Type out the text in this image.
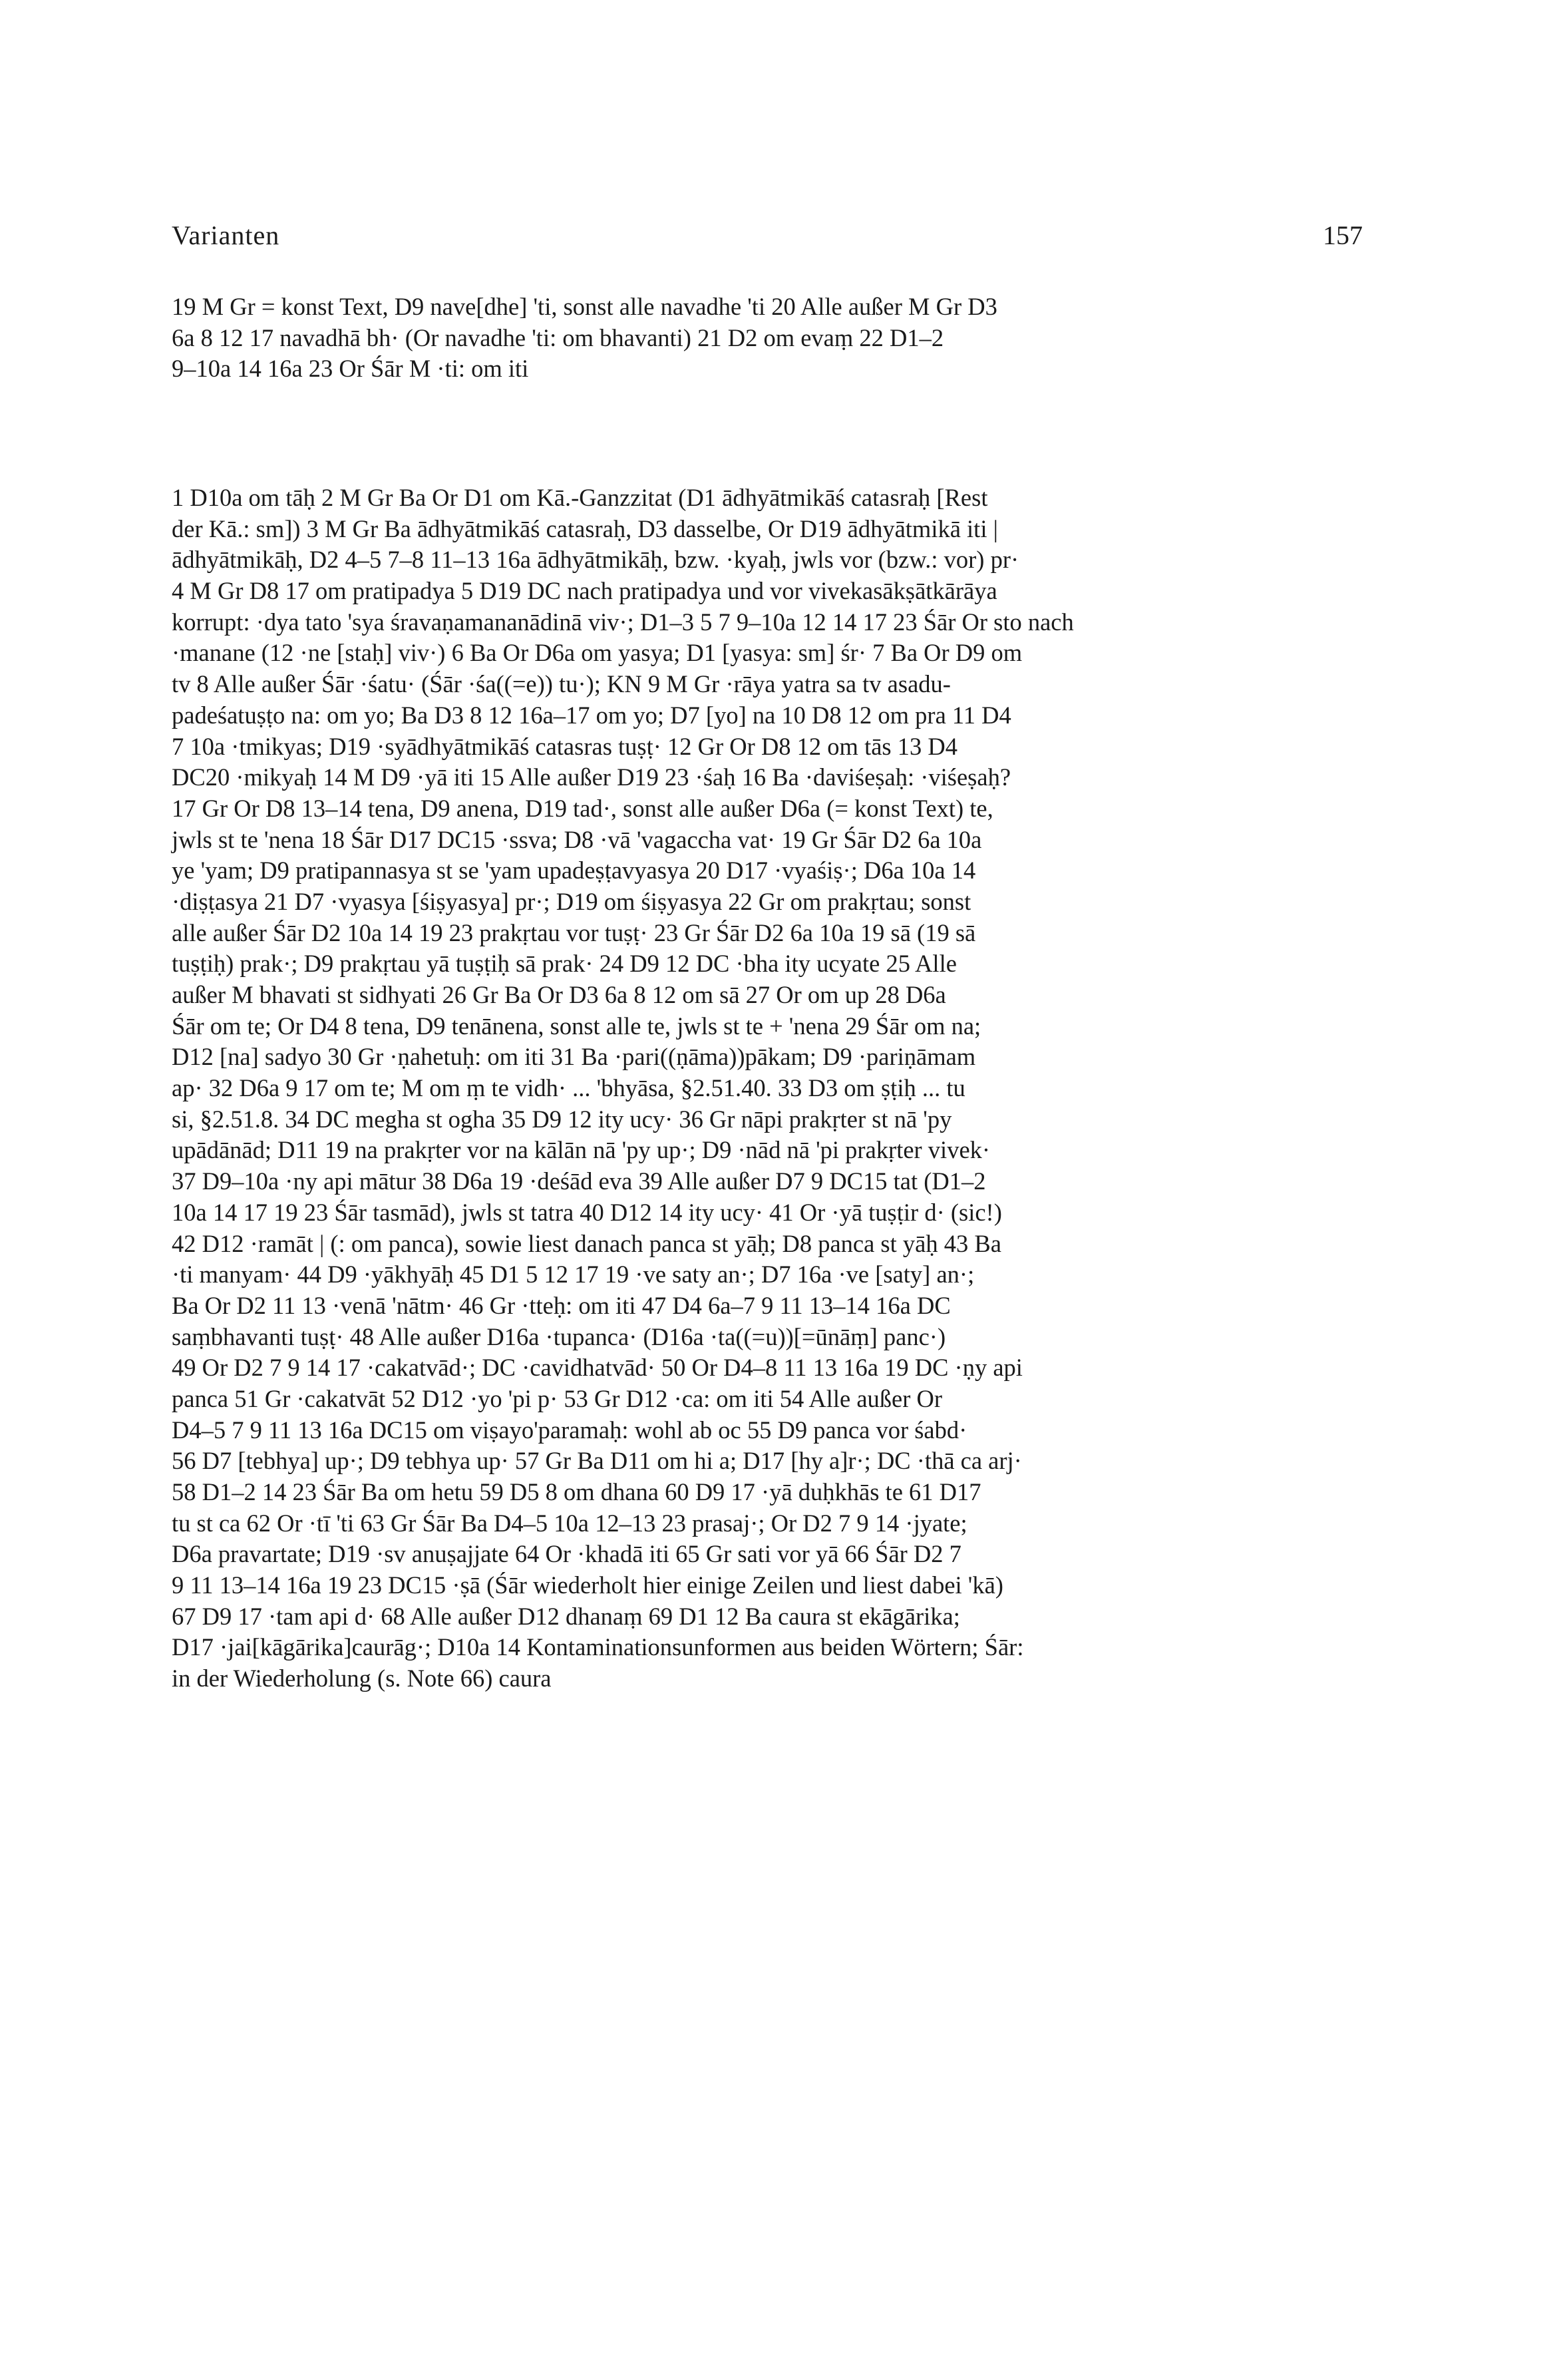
Varianten	157
19 M Gr = konst Text, D9 nave[dhe] 'ti, sonst alle navadhe 'ti 20 Alle außer M Gr D3
6a 8 12 17 navadhā bh· (Or navadhe 'ti: om bhavanti) 21 D2 om evaṃ 22 D1–2
9–10a 14 16a 23 Or Śār M ·ti: om iti
1 D10a om tāḥ 2 M Gr Ba Or D1 om Kā.-Ganzzitat (D1 ādhyātmikāś catasraḥ [Rest
der Kā.: sm]) 3 M Gr Ba ādhyātmikāś catasraḥ, D3 dasselbe, Or D19 ādhyātmikā iti |
ādhyātmikāḥ, D2 4–5 7–8 11–13 16a ādhyātmikāḥ, bzw. ·kyaḥ, jwls vor (bzw.: vor) pr·
4 M Gr D8 17 om pratipadya 5 D19 DC nach pratipadya und vor vivekasākṣātkārāya
korrupt: ·dya tato 'sya śravaṇamananādinā viv·; D1–3 5 7 9–10a 12 14 17 23 Śār Or sto nach
·manane (12 ·ne [staḥ] viv·) 6 Ba Or D6a om yasya; D1 [yasya: sm] śr· 7 Ba Or D9 om
tv 8 Alle außer Śār ·śatu· (Śār ·śa((=e)) tu·); KN 9 M Gr ·rāya yatra sa tv asadu-
padeśatuṣṭo na: om yo; Ba D3 8 12 16a–17 om yo; D7 [yo] na 10 D8 12 om pra 11 D4
7 10a ·tmikyas; D19 ·syādhyātmikāś catasras tuṣṭ· 12 Gr Or D8 12 om tās 13 D4
DC20 ·mikyaḥ 14 M D9 ·yā iti 15 Alle außer D19 23 ·śaḥ 16 Ba ·daviśeṣaḥ: ·viśeṣaḥ?
17 Gr Or D8 13–14 tena, D9 anena, D19 tad·, sonst alle außer D6a (= konst Text) te,
jwls st te 'nena 18 Śār D17 DC15 ·ssva; D8 ·vā 'vagaccha vat· 19 Gr Śār D2 6a 10a
ye 'yam; D9 pratipannasya st se 'yam upadeṣṭavyasya 20 D17 ·vyaśiṣ·; D6a 10a 14
·diṣṭasya 21 D7 ·vyasya [śiṣyasya] pr·; D19 om śiṣyasya 22 Gr om prakṛtau; sonst
alle außer Śār D2 10a 14 19 23 prakṛtau vor tuṣṭ· 23 Gr Śār D2 6a 10a 19 sā (19 sā
tuṣṭiḥ) prak·; D9 prakṛtau yā tuṣṭiḥ sā prak· 24 D9 12 DC ·bha ity ucyate 25 Alle
außer M bhavati st sidhyati 26 Gr Ba Or D3 6a 8 12 om sā 27 Or om up 28 D6a
Śār om te; Or D4 8 tena, D9 tenānena, sonst alle te, jwls st te + 'nena 29 Śār om na;
D12 [na] sadyo 30 Gr ·ṇahetuḥ: om iti 31 Ba ·pari((ṇāma))pākam; D9 ·pariṇāmam
ap· 32 D6a 9 17 om te; M om ṃ te vidh· ... 'bhyāsa, §2.51.40. 33 D3 om ṣṭiḥ ... tu
si, §2.51.8. 34 DC megha st ogha 35 D9 12 ity ucy· 36 Gr nāpi prakṛter st nā 'py
upādānād; D11 19 na prakṛter vor na kālān nā 'py up·; D9 ·nād nā 'pi prakṛter vivek·
37 D9–10a ·ny api mātur 38 D6a 19 ·deśād eva 39 Alle außer D7 9 DC15 tat (D1–2
10a 14 17 19 23 Śār tasmād), jwls st tatra 40 D12 14 ity ucy· 41 Or ·yā tuṣṭir d· (sic!)
42 D12 ·ramāt | (: om panca), sowie liest danach panca st yāḥ; D8 panca st yāḥ 43 Ba
·ti manyam· 44 D9 ·yākhyāḥ 45 D1 5 12 17 19 ·ve saty an·; D7 16a ·ve [saty] an·;
Ba Or D2 11 13 ·venā 'nātm· 46 Gr ·tteḥ: om iti 47 D4 6a–7 9 11 13–14 16a DC
saṃbhavanti tuṣṭ· 48 Alle außer D16a ·tupanca· (D16a ·ta((=u))[=ūnāṃ] panc·)
49 Or D2 7 9 14 17 ·cakatvād·; DC ·cavidhatvād· 50 Or D4–8 11 13 16a 19 DC ·ṇy api
panca 51 Gr ·cakatvāt 52 D12 ·yo 'pi p· 53 Gr D12 ·ca: om iti 54 Alle außer Or
D4–5 7 9 11 13 16a DC15 om viṣayo'paramaḥ: wohl ab oc 55 D9 panca vor śabd·
56 D7 [tebhya] up·; D9 tebhya up· 57 Gr Ba D11 om hi a; D17 [hy a]r·; DC ·thā ca arj·
58 D1–2 14 23 Śār Ba om hetu 59 D5 8 om dhana 60 D9 17 ·yā duḥkhās te 61 D17
tu st ca 62 Or ·tī 'ti 63 Gr Śār Ba D4–5 10a 12–13 23 prasaj·; Or D2 7 9 14 ·jyate;
D6a pravartate; D19 ·sv anuṣajjate 64 Or ·khadā iti 65 Gr sati vor yā 66 Śār D2 7
9 11 13–14 16a 19 23 DC15 ·ṣā (Śār wiederholt hier einige Zeilen und liest dabei 'kā)
67 D9 17 ·tam api d· 68 Alle außer D12 dhanaṃ 69 D1 12 Ba caura st ekāgārika;
D17 ·jai[kāgārika]caurāg·; D10a 14 Kontaminationsunformen aus beiden Wörtern; Śār:
in der Wiederholung (s. Note 66) caura
